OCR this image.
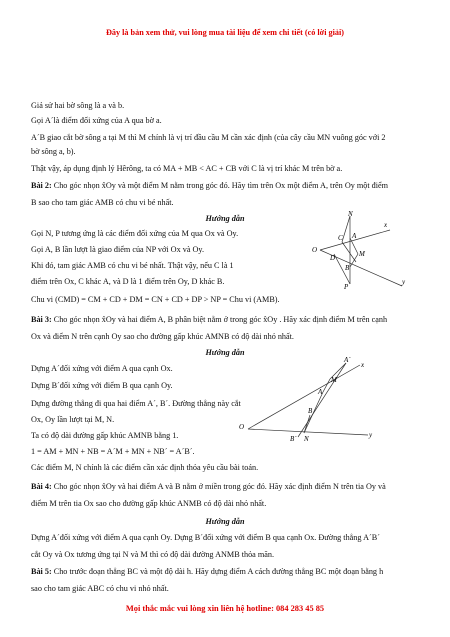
Đây là bản xem thử, vui lòng mua tài liệu để xem chi tiết (có lời giải)
Giả sử hai bờ sông là a và b.
Gọi A´là điểm đối xứng của A qua bờ a.
A´B giao cắt bờ sông a tại M thì M chính là vị trí đầu cầu M cần xác định (của cây cầu MN vuông góc với 2
bờ sông a, b).
Thật vậy, áp dụng định lý Hêrông, ta có MA + MB < AC + CB với C là vị trí khác M trên bờ a.
Bài 2: Cho góc nhọn x̂Oy và một điểm M nằm trong góc đó. Hãy tìm trên Ox một điểm A, trên Oy một điểm
B sao cho tam giác AMB có chu vi bé nhất.
Hướng dẫn
Gọi N, P tương ứng là các điểm đối xứng của M qua Ox và Oy.
Gọi A, B lần lượt là giao điểm của NP với Ox và Oy.
Khi đó, tam giác AMB có chu vi bé nhất. Thật vậy, nếu C là 1
điểm trên Ox, C khác A, và D là 1 điểm trên Oy, D khác B.
Chu vi (CMD) = CM + CD + DM = CN + CD + DP > NP = Chu vi (AMB).
Bài 3: Cho góc nhọn x̂Oy và hai điểm A, B phân biệt nằm ở trong góc x̂Oy . Hãy xác định điểm M trên cạnh
Ox và điểm N trên cạnh Oy sao cho đường gấp khúc AMNB có độ dài nhỏ nhất.
Hướng dẫn
Dựng A´đối xứng với điểm A qua cạnh Ox.
Dựng B´đối xứng với điểm B qua cạnh Oy.
Dựng đường thẳng đi qua hai điểm A´, B´. Đường thẳng này cắt
Ox, Oy lần lượt tại M, N.
Ta có độ dài đường gấp khúc AMNB bằng 1.
1 = AM + MN + NB = A´M + MN + NB´ = A´B´.
Các điểm M, N chính là các điểm cần xác định thỏa yêu cầu bài toán.
Bài 4: Cho góc nhọn x̂Oy và hai điểm A và B nằm ở miền trong góc đó. Hãy xác định điểm N trên tia Oy và
điểm M trên tia Ox sao cho đường gấp khúc ANMB có độ dài nhỏ nhất.
Hướng dẫn
Dựng A´đối xứng với điểm A qua cạnh Oy. Dựng B´đối xứng với điểm B qua cạnh Ox. Đường thẳng A´B´
cắt Oy và Ox tương ứng tại N và M thì có độ dài đường ANMB thỏa mãn.
Bài 5: Cho trước đoạn thẳng BC và một độ dài h. Hãy dựng điểm A cách đường thẳng BC một đoạn bằng h
sao cho tam giác ABC có chu vi nhỏ nhất.
N
x
C A
O	M
D
B
P
y
A´
x
M
A
O
B
N
B´	y
Mọi thắc mắc vui lòng xin liên hệ hotline: 084 283 45 85
